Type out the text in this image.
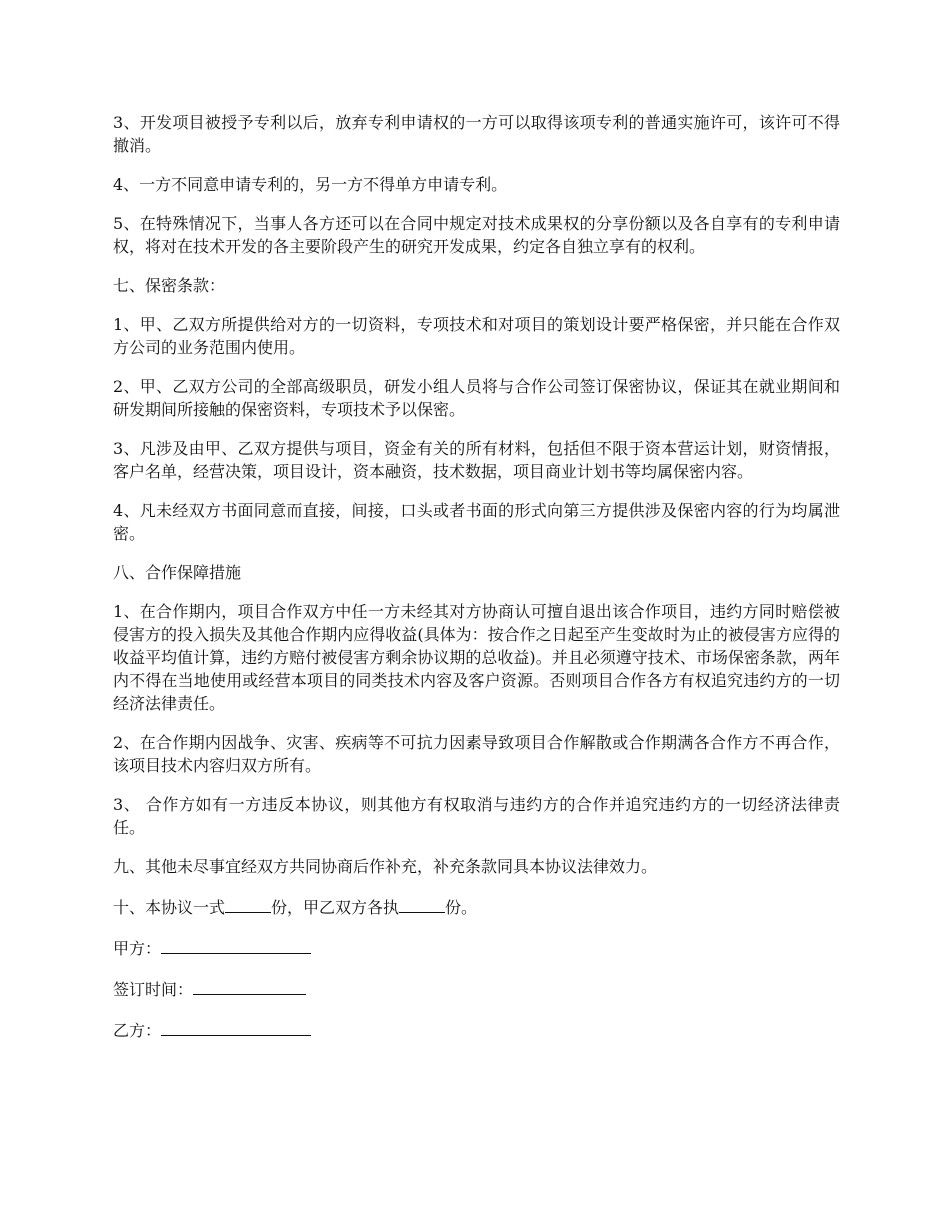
3、开发项目被授予专利以后，放弃专利申请权的一方可以取得该项专利的普通实施许可，该许可不得撤消。

4、一方不同意申请专利的，另一方不得单方申请专利。

5、在特殊情况下，当事人各方还可以在合同中规定对技术成果权的分享份额以及各自享有的专利申请权，将对在技术开发的各主要阶段产生的研究开发成果，约定各自独立享有的权利。

七、保密条款：

1、甲、乙双方所提供给对方的一切资料，专项技术和对项目的策划设计要严格保密，并只能在合作双方公司的业务范围内使用。

2、甲、乙双方公司的全部高级职员，研发小组人员将与合作公司签订保密协议，保证其在就业期间和研发期间所接触的保密资料，专项技术予以保密。

3、凡涉及由甲、乙双方提供与项目，资金有关的所有材料，包括但不限于资本营运计划，财资情报，客户名单，经营决策，项目设计，资本融资，技术数据，项目商业计划书等均属保密内容。

4、凡未经双方书面同意而直接，间接，口头或者书面的形式向第三方提供涉及保密内容的行为均属泄密。

八、合作保障措施

1、在合作期内，项目合作双方中任一方未经其对方协商认可擅自退出该合作项目，违约方同时赔偿被侵害方的投入损失及其他合作期内应得收益(具体为：按合作之日起至产生变故时为止的被侵害方应得的收益平均值计算，违约方赔付被侵害方剩余协议期的总收益)。并且必须遵守技术、市场保密条款，两年内不得在当地使用或经营本项目的同类技术内容及客户资源。否则项目合作各方有权追究违约方的一切经济法律责任。

2、在合作期内因战争、灾害、疾病等不可抗力因素导致项目合作解散或合作期满各合作方不再合作，该项目技术内容归双方所有。

3、 合作方如有一方违反本协议，则其他方有权取消与违约方的合作并追究违约方的一切经济法律责任。

九、其他未尽事宜经双方共同协商后作补充，补充条款同具本协议法律效力。

十、本协议一式	份，甲乙双方各执	份。

甲方：

签订时间：

乙方：
